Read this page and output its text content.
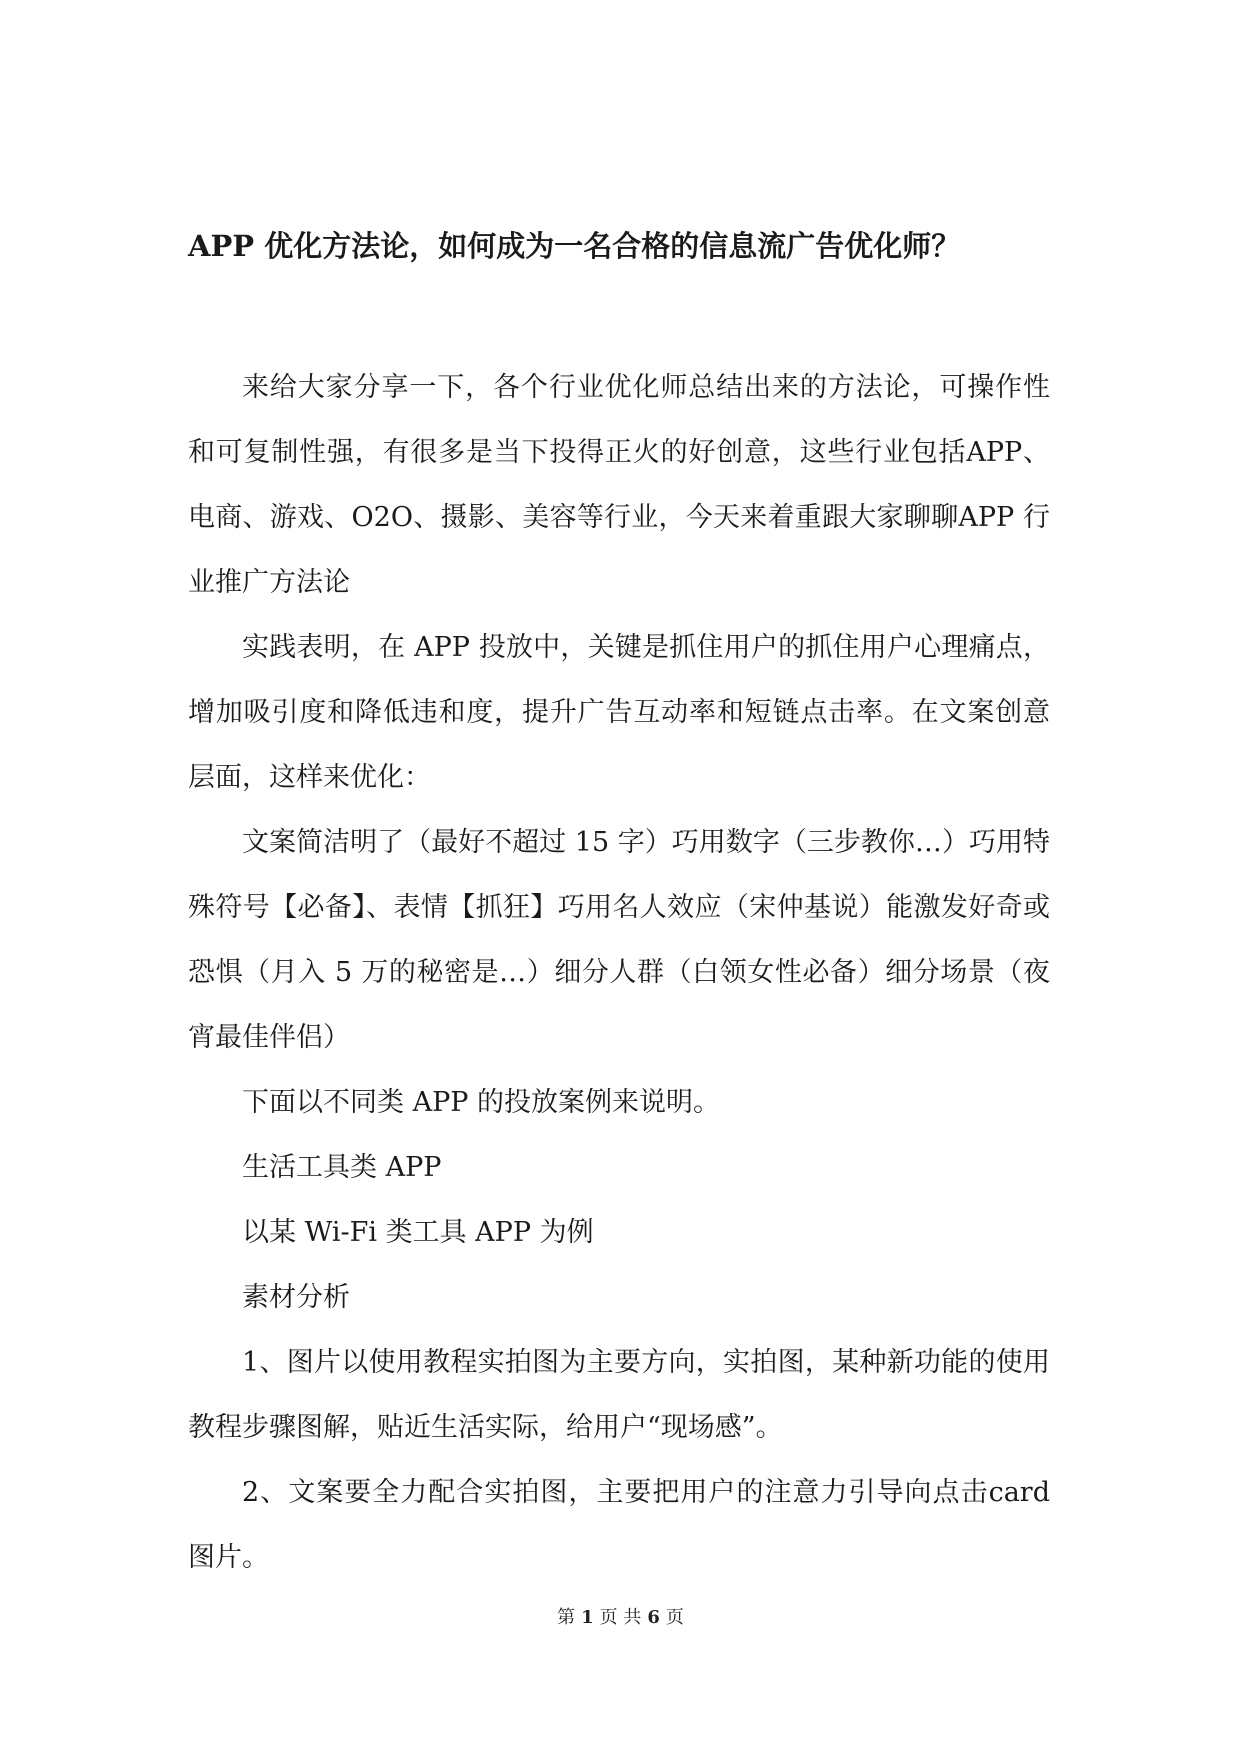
APP 优化方法论，如何成为一名合格的信息流广告优化师？

来给大家分享一下，各个行业优化师总结出来的方法论，可操作性和可复制性强，有很多是当下投得正火的好创意，这些行业包括APP、电商、游戏、O2O、摄影、美容等行业，今天来着重跟大家聊聊APP 行业推广方法论

实践表明，在 APP 投放中，关键是抓住用户的抓住用户心理痛点，增加吸引度和降低违和度，提升广告互动率和短链点击率。在文案创意层面，这样来优化：

文案简洁明了（最好不超过 15 字）巧用数字（三步教你…）巧用特殊符号【必备】、表情【抓狂】巧用名人效应（宋仲基说）能激发好奇或恐惧（月入 5 万的秘密是…）细分人群（白领女性必备）细分场景（夜宵最佳伴侣）

下面以不同类 APP 的投放案例来说明。

生活工具类 APP

以某 Wi-Fi 类工具 APP 为例

素材分析

1、图片以使用教程实拍图为主要方向，实拍图，某种新功能的使用教程步骤图解，贴近生活实际，给用户“现场感”。

2、文案要全力配合实拍图，主要把用户的注意力引导向点击card 图片。

第 1 页 共 6 页
